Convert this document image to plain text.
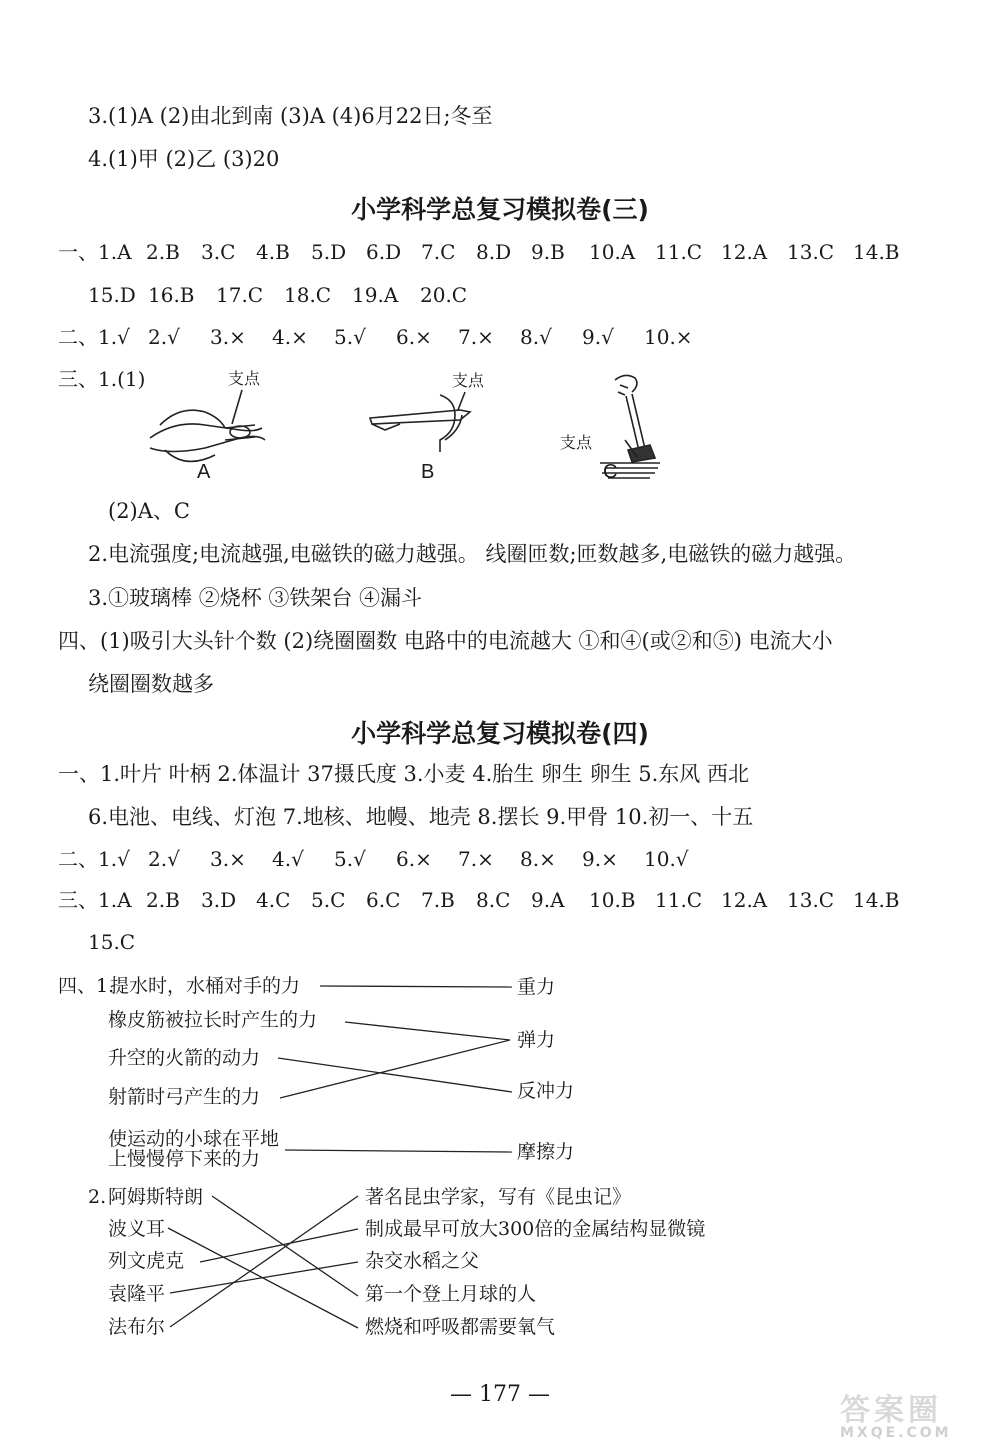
3.(1)A (2)由北到南 (3)A (4)6月22日;冬至
4.(1)甲 (2)乙 (3)20
小学科学总复习模拟卷(三)
一、1.A 2.B 3.C 4.B 5.D 6.D 7.C 8.D 9.B 10.A 11.C 12.A 13.C 14.B
15.D 16.B 17.C 18.C 19.A 20.C
二、1.√ 2.√ 3.× 4.× 5.√ 6.× 7.× 8.√ 9.√ 10.×
三、1.(1)	支点	支点
支点
A	B	C
(2)A、C
2.电流强度;电流越强,电磁铁的磁力越强。 线圈匝数;匝数越多,电磁铁的磁力越强。
3.①玻璃棒 ②烧杯 ③铁架台 ④漏斗
四、(1)吸引大头针个数 (2)绕圈圈数 电路中的电流越大 ①和④(或②和⑤) 电流大小
绕圈圈数越多
小学科学总复习模拟卷(四)
一、1.叶片 叶柄 2.体温计 37摄氏度 3.小麦 4.胎生 卵生 卵生 5.东风 西北
6.电池、电线、灯泡 7.地核、地幔、地壳 8.摆长 9.甲骨 10.初一、十五
二、1.√ 2.√ 3.× 4.√ 5.√ 6.× 7.× 8.× 9.× 10.√
三、1.A 2.B 3.D 4.C 5.C 6.C 7.B 8.C 9.A 10.B 11.C 12.A 13.C 14.B
15.C
四、1.
提水时，水桶对手的力
橡皮筋被拉长时产生的力
升空的火箭的动力
射箭时弓产生的力
使运动的小球在平地
上慢慢停下来的力
重力
弹力
反冲力
摩擦力
2. 阿姆斯特朗
波义耳
列文虎克
袁隆平
法布尔
著名昆虫学家，写有《昆虫记》
制成最早可放大300倍的金属结构显微镜
杂交水稻之父
第一个登上月球的人
燃烧和呼吸都需要氧气
— 177 —	答案圈
MXQE.COM
